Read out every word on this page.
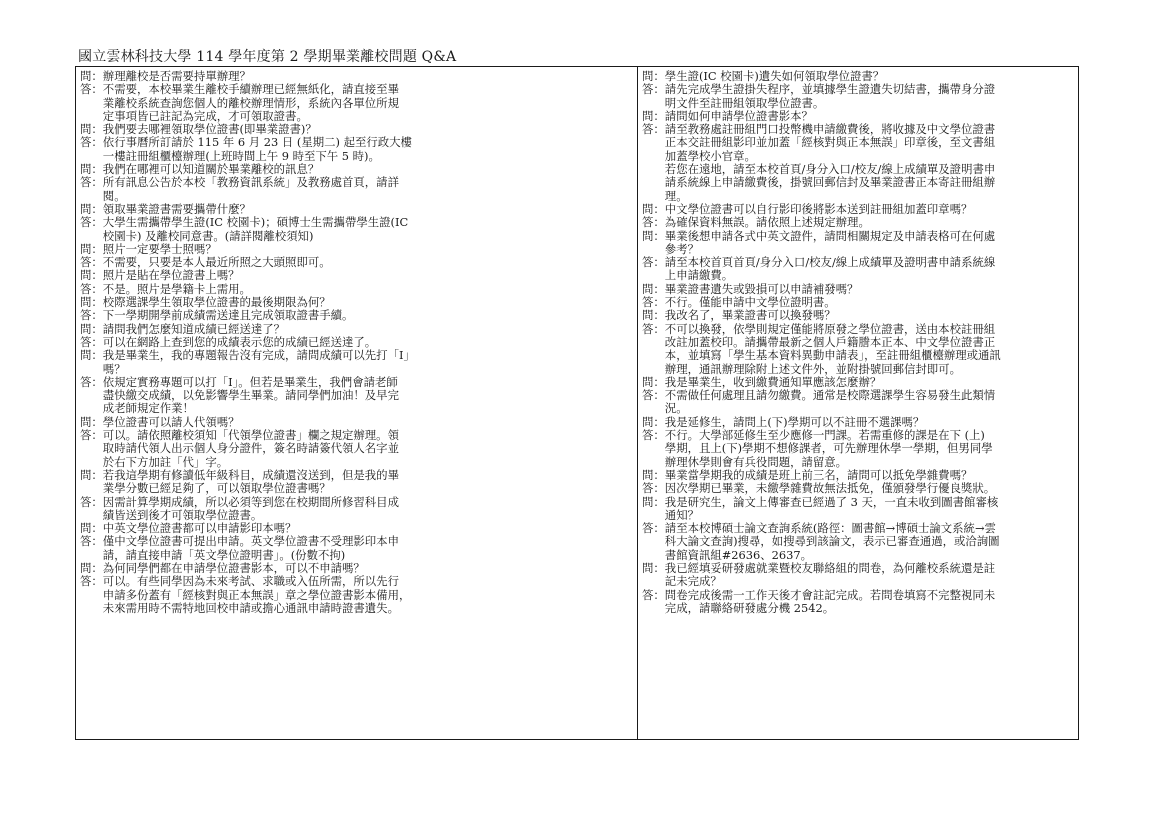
國立雲林科技大學 114 學年度第 2 學期畢業離校問題 Q&A
問： 辦理離校是否需要持單辦理？
答： 不需要，本校畢業生離校手續辦理已經無紙化，請直接至畢
業離校系統查詢您個人的離校辦理情形，系統內各單位所規
定事項皆已註記為完成，才可領取證書。
問： 我們要去哪裡領取學位證書(即畢業證書)？
答： 依行事曆所訂請於 115 年 6 月 23 日 (星期二) 起至行政大樓
一樓註冊組櫃檯辦理(上班時間上午 9 時至下午 5 時)。
問： 我們在哪裡可以知道關於畢業離校的訊息？
答： 所有訊息公告於本校「教務資訊系統」及教務處首頁，請詳
閱。
問： 領取畢業證書需要攜帶什麼？
答： 大學生需攜帶學生證(IC 校園卡)；碩博士生需攜帶學生證(IC
校園卡) 及離校同意書。(請詳閱離校須知)
問： 照片一定要學士照嗎？
答： 不需要，只要是本人最近所照之大頭照即可。
問： 照片是貼在學位證書上嗎？
答： 不是。照片是學籍卡上需用。
問： 校際選課學生領取學位證書的最後期限為何？
答： 下一學期開學前成績需送達且完成領取證書手續。
問： 請問我們怎麼知道成績已經送達了？
答： 可以在網路上查到您的成績表示您的成績已經送達了。
問： 我是畢業生，我的專題報告沒有完成，請問成績可以先打「I」
嗎？
答： 依規定實務專題可以打「I」。但若是畢業生，我們會請老師
盡快繳交成績，以免影響學生畢業。請同學們加油！及早完
成老師規定作業！
問： 學位證書可以請人代領嗎？
答： 可以。請依照離校須知「代領學位證書」欄之規定辦理。領
取時請代領人出示個人身分證件，簽名時請簽代領人名字並
於右下方加註「代」字。
問： 若我這學期有修讀低年級科目，成績還沒送到，但是我的畢
業學分數已經足夠了，可以領取學位證書嗎？
答： 因需計算學期成績，所以必須等到您在校期間所修習科目成
績皆送到後才可領取學位證書。
問： 中英文學位證書都可以申請影印本嗎？
答： 僅中文學位證書可提出申請。英文學位證書不受理影印本申
請，請直接申請「英文學位證明書」。(份數不拘)
問： 為何同學們都在申請學位證書影本，可以不申請嗎？
答： 可以。有些同學因為未來考試、求職或入伍所需，所以先行
申請多份蓋有「經核對與正本無誤」章之學位證書影本備用，
未來需用時不需特地回校申請或擔心通訊申請時證書遺失。
問： 學生證(IC 校園卡)遺失如何領取學位證書？
答： 請先完成學生證掛失程序，並填據學生證遺失切結書，攜帶身分證
明文件至註冊組領取學位證書。
問： 請問如何申請學位證書影本？
答： 請至教務處註冊組門口投幣機申請繳費後，將收據及中文學位證書
正本交註冊組影印並加蓋「經核對與正本無誤」印章後，至文書組
加蓋學校小官章。
若您在遠地，請至本校首頁/身分入口/校友/線上成績單及證明書申
請系統線上申請繳費後，掛號回郵信封及畢業證書正本寄註冊組辦
理。
問： 中文學位證書可以自行影印後將影本送到註冊組加蓋印章嗎？
答： 為確保資料無誤。請依照上述規定辦理。
問： 畢業後想申請各式中英文證件，請問相關規定及申請表格可在何處
參考？
答： 請至本校首頁首頁/身分入口/校友/線上成績單及證明書申請系統線
上申請繳費。
問： 畢業證書遺失或毀損可以申請補發嗎？
答： 不行。僅能申請中文學位證明書。
問： 我改名了，畢業證書可以換發嗎？
答： 不可以換發，依學則規定僅能將原發之學位證書，送由本校註冊組
改註加蓋校印。請攜帶最新之個人戶籍謄本正本、中文學位證書正
本，並填寫「學生基本資料異動申請表」，至註冊組櫃檯辦理或通訊
辦理，通訊辦理除附上述文件外，並附掛號回郵信封即可。
問： 我是畢業生，收到繳費通知單應該怎麼辦？
答： 不需做任何處理且請勿繳費。通常是校際選課學生容易發生此類情
況。
問： 我是延修生，請問上(下)學期可以不註冊不選課嗎？
答： 不行。大學部延修生至少應修一門課。若需重修的課是在下 (上)
學期，且上(下)學期不想修課者，可先辦理休學一學期，但男同學
辦理休學則會有兵役問題，請留意。
問： 畢業當學期我的成績是班上前三名，請問可以抵免學雜費嗎？
答： 因次學期已畢業，未繳學雜費故無法抵免，僅頒發學行優良獎狀。
問： 我是研究生，論文上傳審查已經過了 3 天，一直未收到圖書館審核
通知？
答： 請至本校博碩士論文查詢系統(路徑：圖書館→博碩士論文系統→雲
科大論文查詢)搜尋，如搜尋到該論文，表示已審查通過，或洽詢圖
書館資訊組#2636、2637。
問： 我已經填妥研發處就業暨校友聯絡組的問卷，為何離校系統還是註
記未完成？
答： 問卷完成後需一工作天後才會註記完成。若問卷填寫不完整視同未
完成，請聯絡研發處分機 2542。
